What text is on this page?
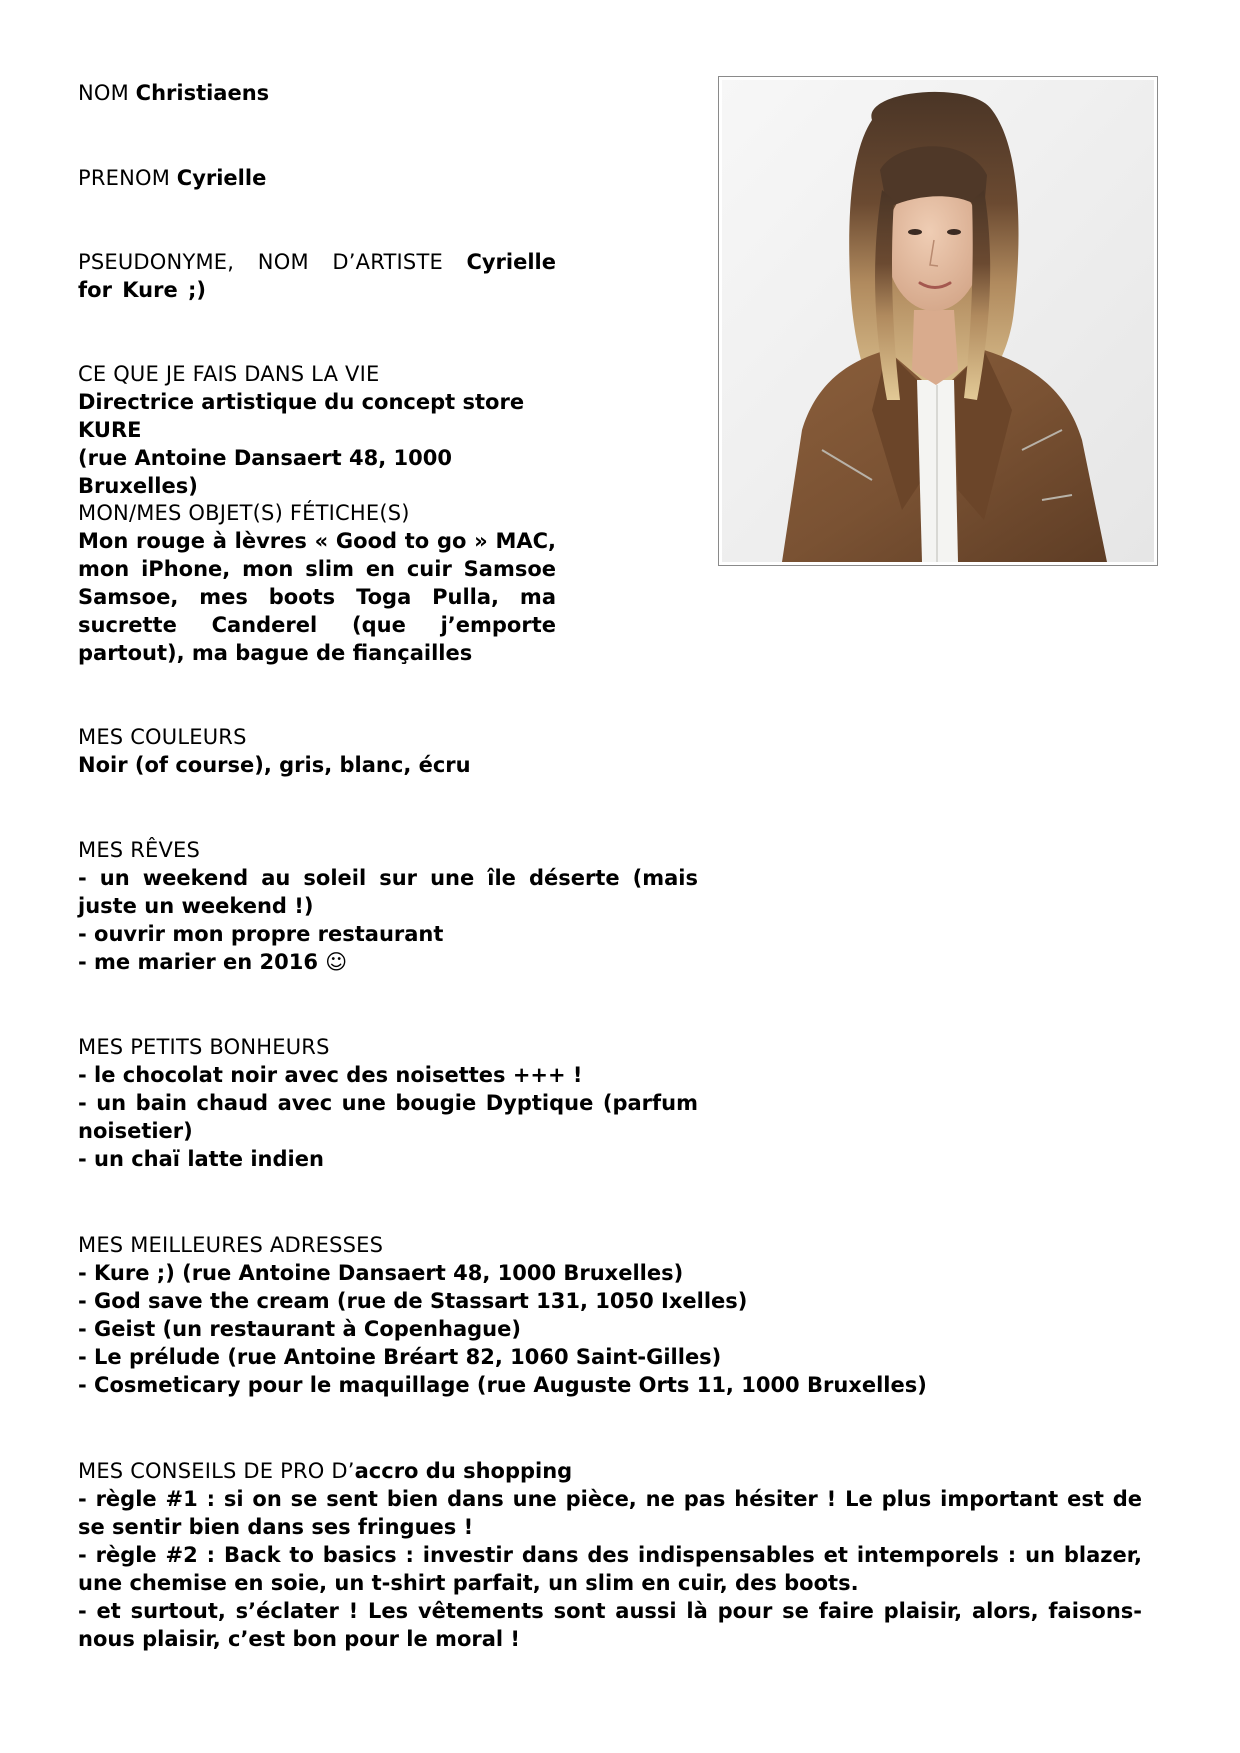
NOM Christiaens

PRENOM Cyrielle

PSEUDONYME, NOM D’ARTISTE Cyrielle for Kure ;)

CE QUE JE FAIS DANS LA VIE
Directrice artistique du concept store KURE
(rue Antoine Dansaert 48, 1000 Bruxelles)
MON/MES OBJET(S) FÉTICHE(S)
Mon rouge à lèvres « Good to go » MAC, mon iPhone, mon slim en cuir Samsoe Samsoe, mes boots Toga Pulla, ma sucrette Canderel (que j’emporte partout), ma bague de fiançailles
MES COULEURS
Noir (of course), gris, blanc, écru
MES RÊVES
- un weekend au soleil sur une île déserte (mais juste un weekend !)
- ouvrir mon propre restaurant
- me marier en 2016 ☺
MES PETITS BONHEURS
- le chocolat noir avec des noisettes +++ !
- un bain chaud avec une bougie Dyptique (parfum noisetier)
- un chaï latte indien
MES MEILLEURES ADRESSES
- Kure ;) (rue Antoine Dansaert 48, 1000 Bruxelles)
- God save the cream (rue de Stassart 131, 1050 Ixelles)
- Geist (un restaurant à Copenhague)
- Le prélude (rue Antoine Bréart 82, 1060 Saint-Gilles)
- Cosmeticary pour le maquillage (rue Auguste Orts 11, 1000 Bruxelles)
MES CONSEILS DE PRO D’accro du shopping
- règle #1 : si on se sent bien dans une pièce, ne pas hésiter ! Le plus important est de se sentir bien dans ses fringues !
- règle #2 : Back to basics : investir dans des indispensables et intemporels : un blazer, une chemise en soie, un t-shirt parfait, un slim en cuir, des boots.
- et surtout, s’éclater ! Les vêtements sont aussi là pour se faire plaisir, alors, faisons-nous plaisir, c’est bon pour le moral !
